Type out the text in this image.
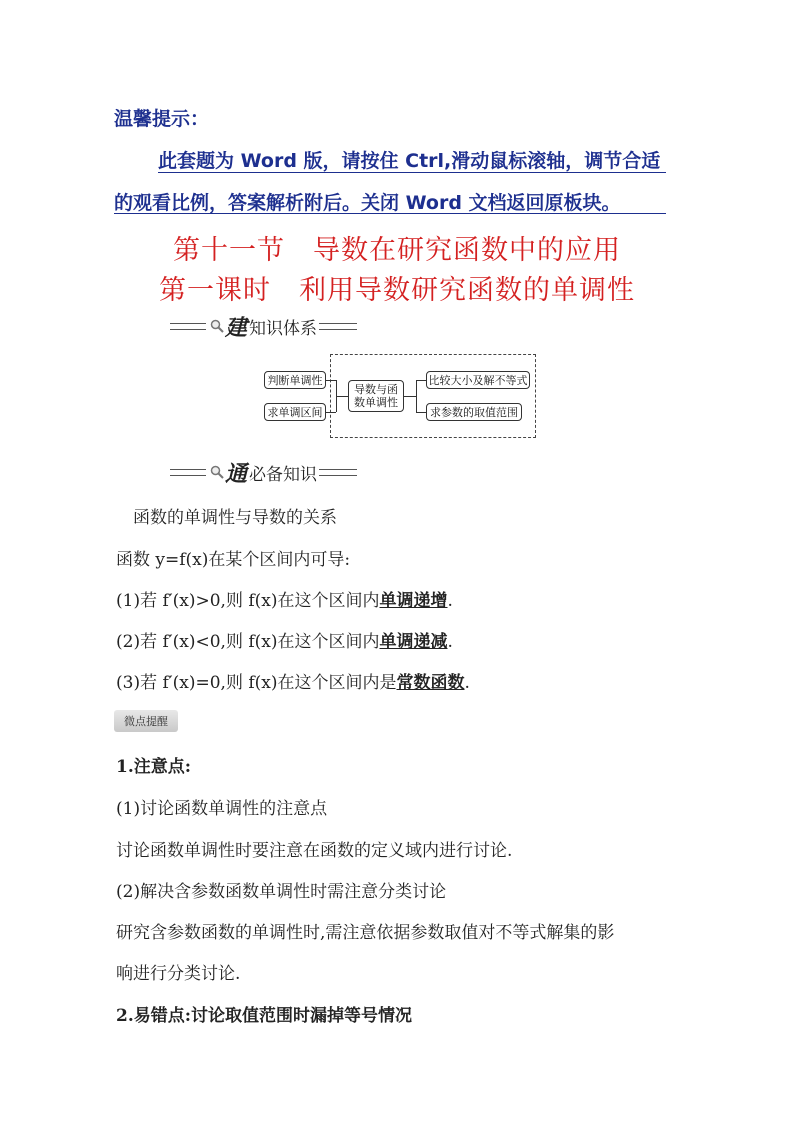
温馨提示：
此套题为 Word 版，请按住 Ctrl,滑动鼠标滚轴，调节合适
的观看比例，答案解析附后。关闭 Word 文档返回原板块。
第十一节　导数在研究函数中的应用
第一课时　利用导数研究函数的单调性
建 知识体系
判断单调性
求单调区间
导数与函
数单调性
比较大小及解不等式
求参数的取值范围
通 必备知识
函数的单调性与导数的关系
函数 y=f(x)在某个区间内可导:
(1)若 f′(x)>0,则 f(x)在这个区间内单调递增.
(2)若 f′(x)<0,则 f(x)在这个区间内单调递减.
(3)若 f′(x)=0,则 f(x)在这个区间内是常数函数.
微点提醒
1.注意点:
(1)讨论函数单调性的注意点
讨论函数单调性时要注意在函数的定义域内进行讨论.
(2)解决含参数函数单调性时需注意分类讨论
研究含参数函数的单调性时,需注意依据参数取值对不等式解集的影
响进行分类讨论.
2.易错点:讨论取值范围时漏掉等号情况
